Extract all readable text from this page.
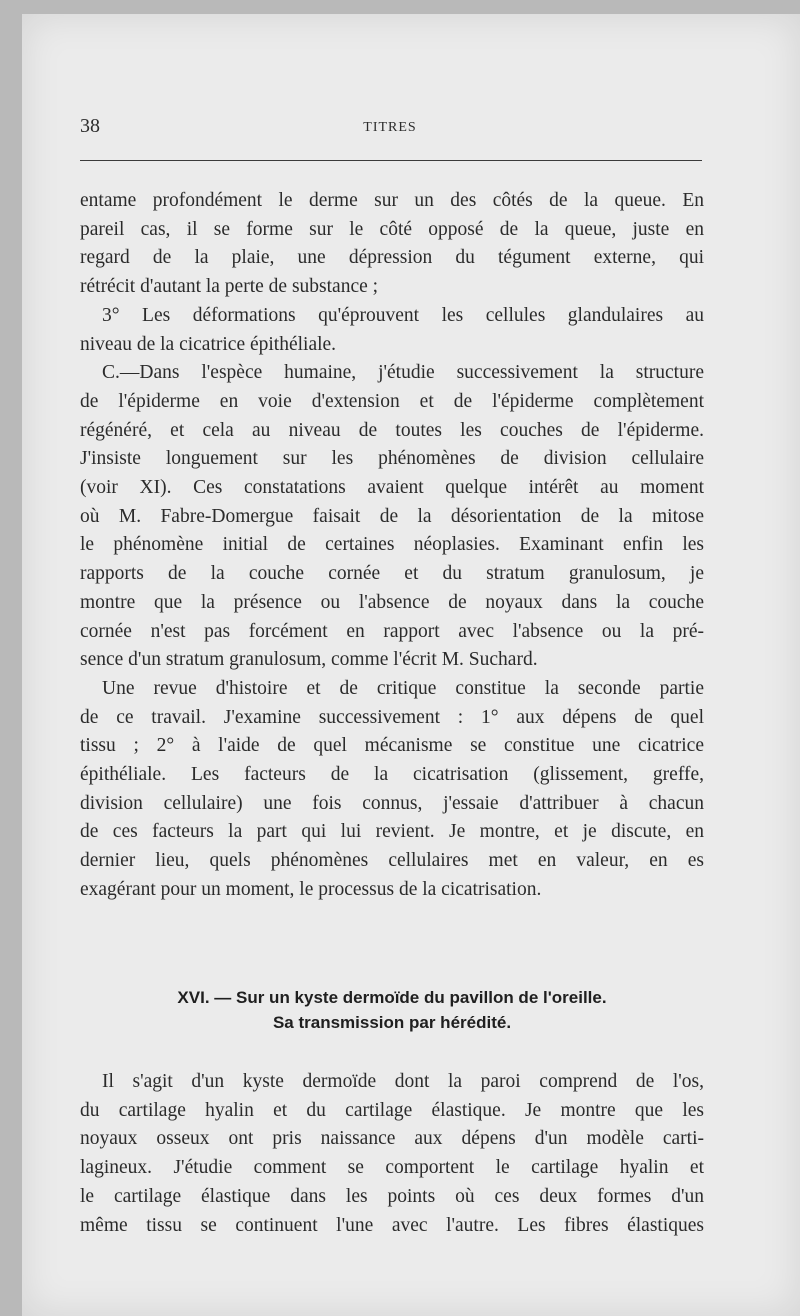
38	TITRES

entame profondément le derme sur un des côtés de la queue. En

pareil cas, il se forme sur le côté opposé de la queue, juste en

regard de la plaie, une dépression du tégument externe, qui

rétrécit d'autant la perte de substance ;

3° Les déformations qu'éprouvent les cellules glandulaires au

niveau de la cicatrice épithéliale.

C.—Dans l'espèce humaine, j'étudie successivement la structure

de l'épiderme en voie d'extension et de l'épiderme complètement

régénéré, et cela au niveau de toutes les couches de l'épiderme.

J'insiste longuement sur les phénomènes de division cellulaire

(voir XI). Ces constatations avaient quelque intérêt au moment

où M. Fabre-Domergue faisait de la désorientation de la mitose

le phénomène initial de certaines néoplasies. Examinant enfin les

rapports de la couche cornée et du stratum granulosum, je

montre que la présence ou l'absence de noyaux dans la couche

cornée n'est pas forcément en rapport avec l'absence ou la pré-

sence d'un stratum granulosum, comme l'écrit M. Suchard.

Une revue d'histoire et de critique constitue la seconde partie

de ce travail. J'examine successivement : 1° aux dépens de quel

tissu ; 2° à l'aide de quel mécanisme se constitue une cicatrice

épithéliale. Les facteurs de la cicatrisation (glissement, greffe,

division cellulaire) une fois connus, j'essaie d'attribuer à chacun

de ces facteurs la part qui lui revient. Je montre, et je discute, en

dernier lieu, quels phénomènes cellulaires met en valeur, en es

exagérant pour un moment, le processus de la cicatrisation.

XVI. — Sur un kyste dermoïde du pavillon de l'oreille.
Sa transmission par hérédité.

Il s'agit d'un kyste dermoïde dont la paroi comprend de l'os,

du cartilage hyalin et du cartilage élastique. Je montre que les

noyaux osseux ont pris naissance aux dépens d'un modèle carti-

lagineux. J'étudie comment se comportent le cartilage hyalin et

le cartilage élastique dans les points où ces deux formes d'un

même tissu se continuent l'une avec l'autre. Les fibres élastiques
